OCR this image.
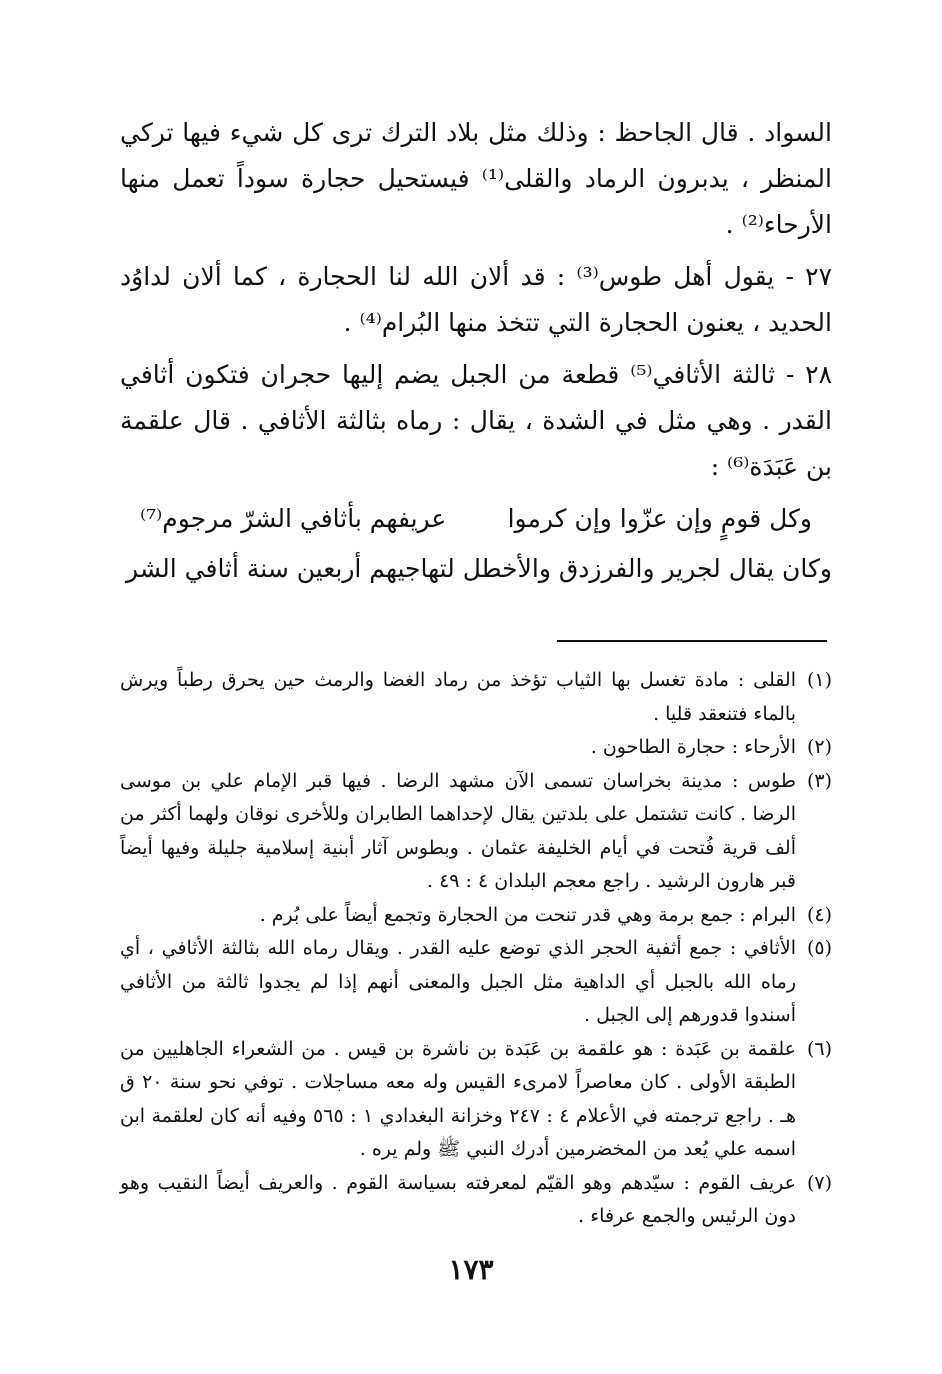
السواد . قال الجاحظ : وذلك مثل بلاد الترك ترى كل شيء فيها تركي المنظر ، يدبرون الرماد والقلى⁽¹⁾ فيستحيل حجارة سوداً تعمل منها الأرحاء⁽²⁾ .

٢٧ - يقول أهل طوس⁽³⁾ : قد ألان الله لنا الحجارة ، كما ألان لداوُد الحديد ، يعنون الحجارة التي تتخذ منها البُرام⁽⁴⁾ .

٢٨ - ثالثة الأثافي⁽⁵⁾ قطعة من الجبل يضم إليها حجران فتكون أثافي القدر . وهي مثل في الشدة ، يقال : رماه بثالثة الأثافي . قال علقمة بن عَبَدَة⁽⁶⁾ :

وكل قومٍ وإن عزّوا وإن كرموا
عريفهم بأثافي الشرّ مرجوم⁽⁷⁾

وكان يقال لجرير والفرزدق والأخطل لتهاجيهم أربعين سنة أثافي الشر

(١)
القلى : مادة تغسل بها الثياب تؤخذ من رماد الغضا والرمث حين يحرق رطباً ويرش بالماء فتنعقد قليا .
(٢)
الأرحاء : حجارة الطاحون .
(٣)
طوس : مدينة بخراسان تسمى الآن مشهد الرضا . فيها قبر الإمام علي بن موسى الرضا . كانت تشتمل على بلدتين يقال لإحداهما الطابران وللأخرى نوقان ولهما أكثر من ألف قرية فُتحت في أيام الخليفة عثمان . وبطوس آثار أبنية إسلامية جليلة وفيها أيضاً قبر هارون الرشيد . راجع معجم البلدان ٤ : ٤٩ .
(٤)
البرام : جمع برمة وهي قدر تنحت من الحجارة وتجمع أيضاً على بُرم .
(٥)
الأثافي : جمع أثفية الحجر الذي توضع عليه القدر . ويقال رماه الله بثالثة الأثافي ، أي رماه الله بالجبل أي الداهية مثل الجبل والمعنى أنهم إذا لم يجدوا ثالثة من الأثافي أسندوا قدورهم إلى الجبل .
(٦)
علقمة بن عَبَدة : هو علقمة بن عَبَدة بن ناشرة بن قيس . من الشعراء الجاهليين من الطبقة الأولى . كان معاصراً لامرىء القيس وله معه مساجلات . توفي نحو سنة ٢٠ ق هـ . راجع ترجمته في الأعلام ٤ : ٢٤٧ وخزانة البغدادي ١ : ٥٦٥ وفيه أنه كان لعلقمة ابن اسمه علي يُعد من المخضرمين أدرك النبي ﷺ ولم يره .
(٧)
عريف القوم : سيّدهم وهو القيّم لمعرفته بسياسة القوم . والعريف أيضاً النقيب وهو دون الرئيس والجمع عرفاء .
١٧٣
